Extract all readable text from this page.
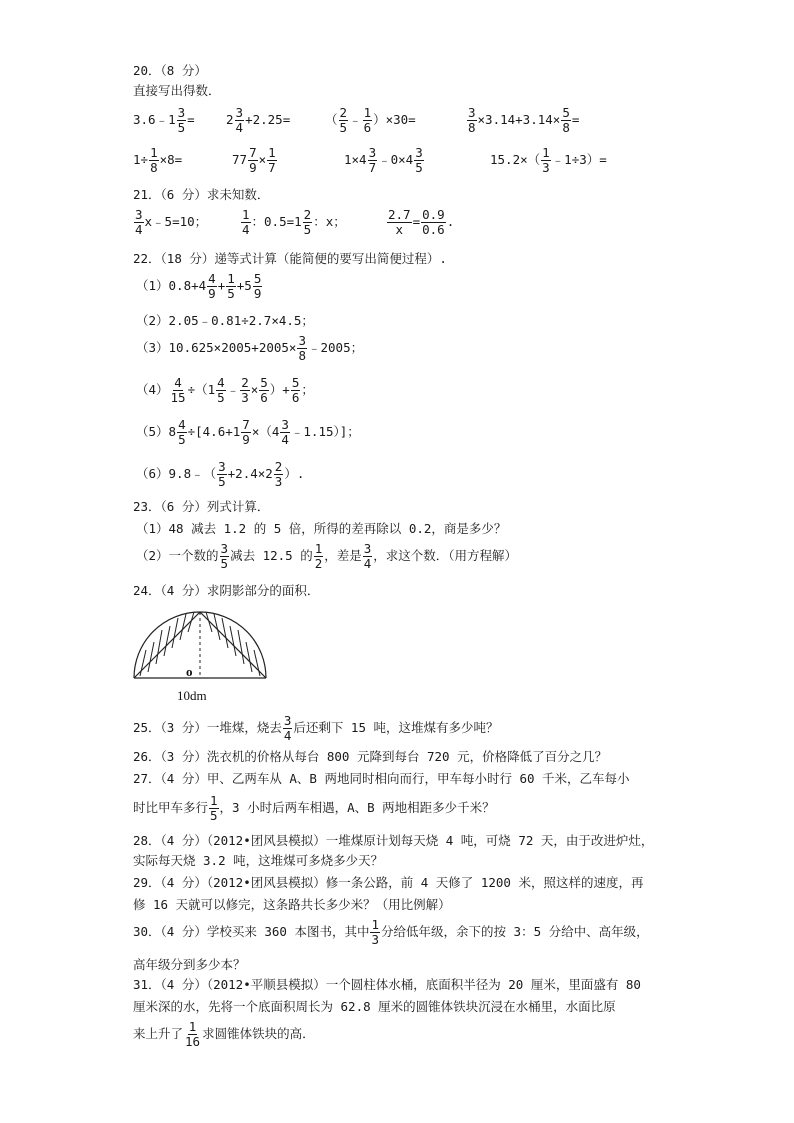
20．（8 分）
直接写出得数．
3.6﹣1 $\frac{3}{5}$ =	$2 \frac{3}{4} +2.25=$	（ $\frac{2}{5}$ ﹣ $\frac{1}{6} )\times 30=$	$\frac{3}{8} \times 3.14+3.14\times \frac{5}{8}$ =
$1\div \frac{1}{8} \times 8=$	$77 \frac{7}{9} \times \frac{1}{7}$	$1\times 4 \frac{3}{7}$ ﹣0×4 $\frac{3}{5}$	$15.2\times( \frac{1}{3}$ ﹣1÷3）=
21．（6 分）求未知数．
$\frac{3}{4}$ x﹣5=10；	$\frac{1}{4}$ ：$0.5=1 \frac{2}{5}$ ：x；	$\frac{2.7}{x} = \frac{0.9}{0.6}$ .
22．（18 分）递等式计算（能简便的要写出简便过程）.
$(1)0.8+4 \frac{4}{9} + \frac{1}{5} +5 \frac{5}{9}$
（2）2.05﹣0.81÷2.7×4.5；
$(3)10.625\times 2005+2005\times \frac{3}{8}$ ﹣2005；
$(4) \frac{4}{15} \div(1 \frac{4}{5}$ ﹣ $\frac{2}{3} \times \frac{5}{6}$ ）+ $\frac{5}{6}$ ；
$(5)8 \frac{4}{5} \div[4.6+1 \frac{7}{9} \times(4 \frac{3}{4}$ ﹣1.15）]；
（6）9.8﹣（ $\frac{3}{5} +2.4\times 2 \frac{2}{3}$ ）.
23．（6 分）列式计算．
（1）48 减去 1.2 的 5 倍，所得的差再除以 0.2，商是多少？
（2）一个数的 $\frac{3}{5}$ 减去 12.5 的 $\frac{1}{2}$ ，差是 $\frac{3}{4}$ ，求这个数．（用方程解）
24．（4 分）求阴影部分的面积．
o
10dm
25．（3 分）一堆煤，烧去 $\frac{3}{4}$ 后还剩下 15 吨，这堆煤有多少吨？
26．（3 分）洗衣机的价格从每台 800 元降到每台 720 元，价格降低了百分之几？
27．（4 分）甲、乙两车从 A、B 两地同时相向而行，甲车每小时行 60 千米，乙车每小
时比甲车多行 $\frac{1}{5}$ ，3 小时后两车相遇，A、B 两地相距多少千米？
28．（4 分）（2012•团风县模拟）一堆煤原计划每天烧 4 吨，可烧 72 天，由于改进炉灶，
实际每天烧 3.2 吨，这堆煤可多烧多少天？
29．（4 分）（2012•团风县模拟）修一条公路，前 4 天修了 1200 米，照这样的速度，再
修 16 天就可以修完，这条路共长多少米？（用比例解）
30．（4 分）学校买来 360 本图书，其中 $\frac{1}{3}$ 分给低年级，余下的按 3：5 分给中、高年级，
高年级分到多少本？
31．（4 分）（2012•平顺县模拟）一个圆柱体水桶，底面积半径为 20 厘米，里面盛有 80
厘米深的水，先将一个底面积周长为 62.8 厘米的圆锥体铁块沉浸在水桶里，水面比原
来上升了 $\frac{1}{16}$ 求圆锥体铁块的高．
